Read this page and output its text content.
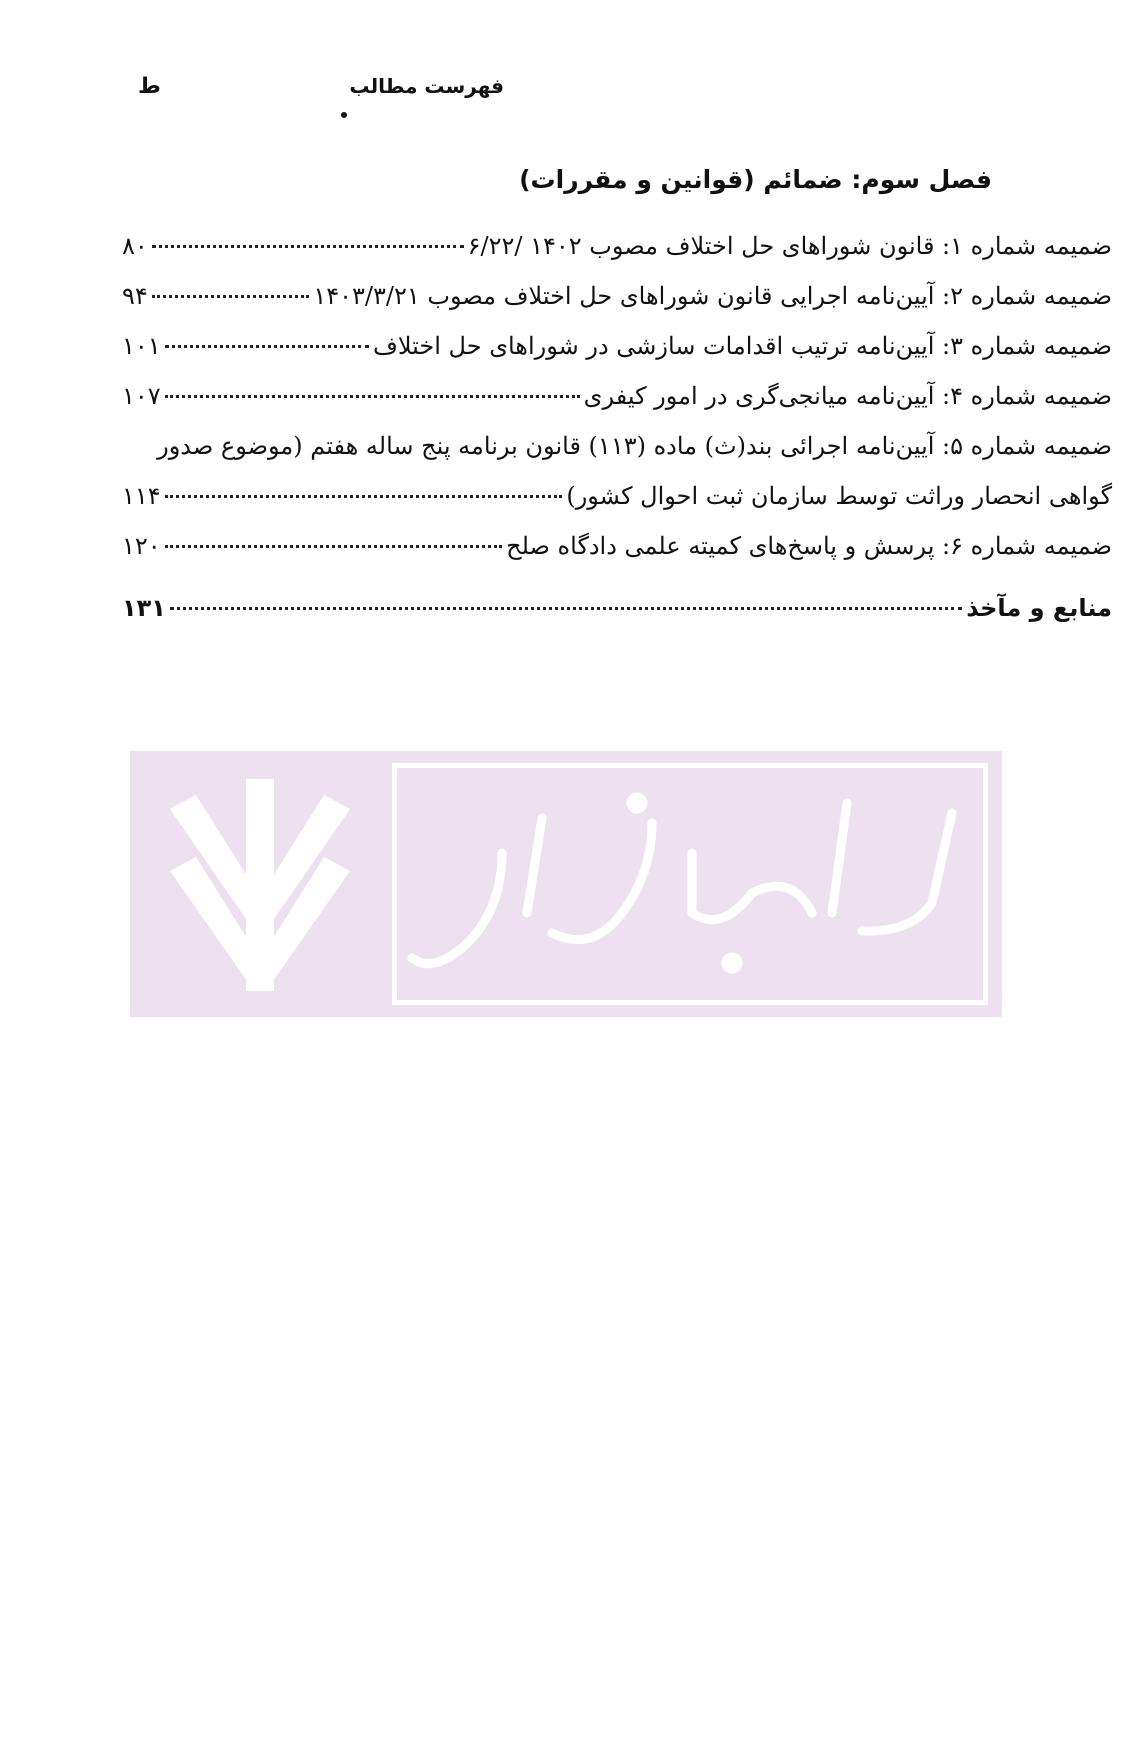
فهرست مطالب
ط
فصل سوم: ضمائم (قوانین و مقررات)
ضمیمه شماره ۱: قانون شوراهای حل اختلاف مصوب ۱۴۰۲ /۶/۲۲
۸۰
ضمیمه شماره ۲: آیین‌نامه اجرایی قانون شوراهای حل اختلاف مصوب ۱۴۰۳/۳/۲۱
۹۴
ضمیمه شماره ۳: آیین‌نامه ترتیب اقدامات سازشی در شوراهای حل اختلاف
۱۰۱
ضمیمه شماره ۴: آیین‌نامه میانجی‌گری در امور کیفری
۱۰۷
ضمیمه شماره ۵: آیین‌نامه اجرائی بند(ث) ماده (۱۱۳) قانون برنامه پنج ساله هفتم (موضوع صدور
گواهی انحصار وراثت توسط سازمان ثبت احوال کشور)
۱۱۴
ضمیمه شماره ۶: پرسش و پاسخ‌های کمیته علمی دادگاه صلح
۱۲۰
منابع و مآخذ
۱۳۱
